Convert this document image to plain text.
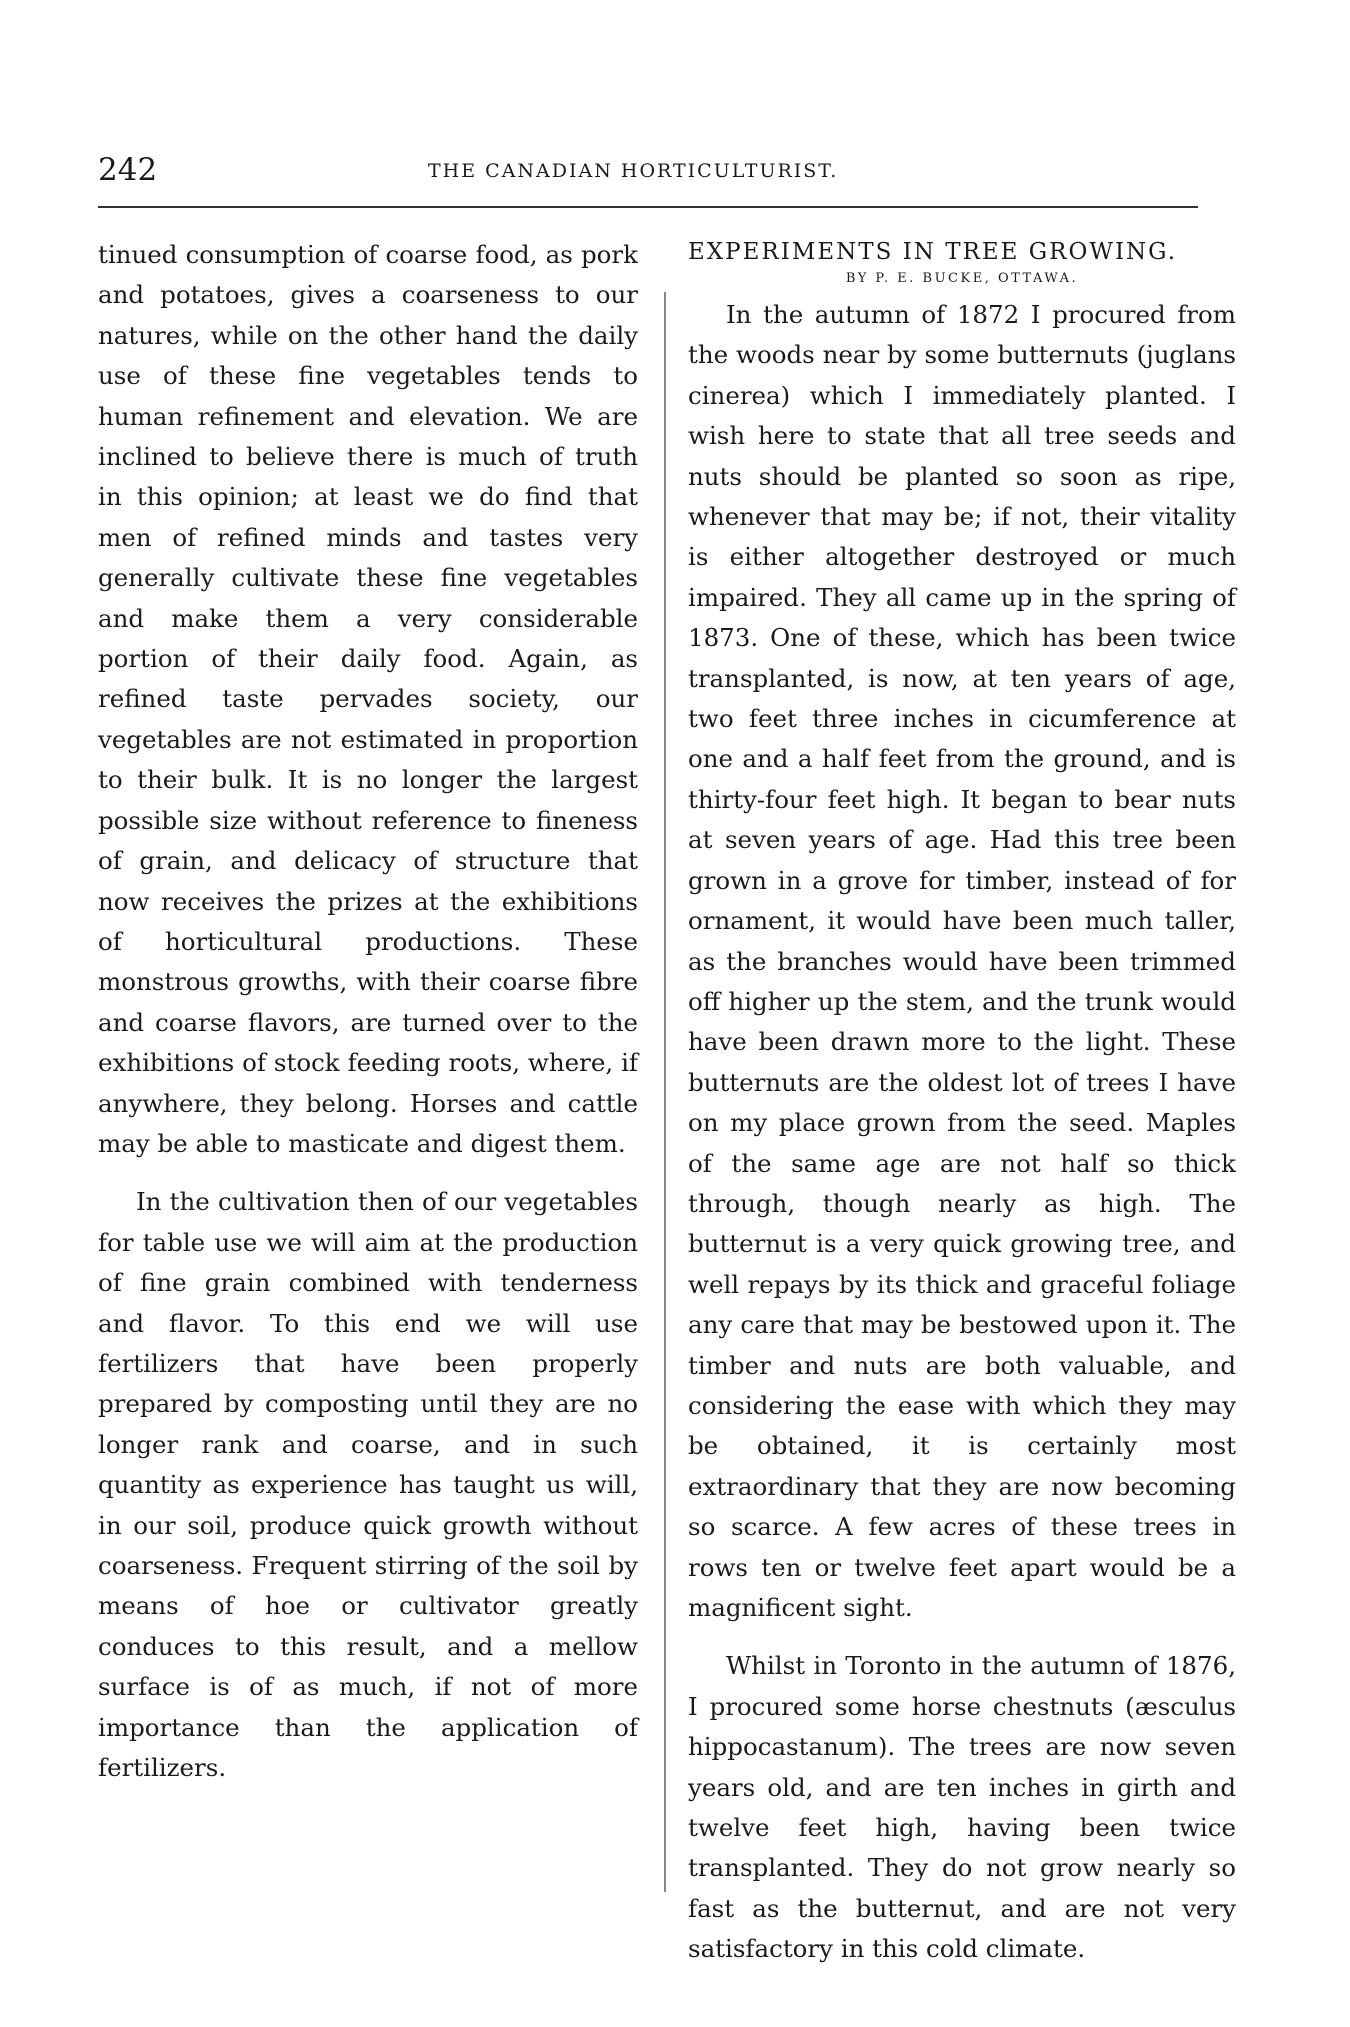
242	THE CANADIAN HORTICULTURIST.

tinued consumption of coarse food, as pork and potatoes, gives a coarseness to our natures, while on the other hand the daily use of these fine vegetables tends to human refinement and elevation. We are inclined to believe there is much of truth in this opinion; at least we do find that men of refined minds and tastes very generally cultivate these fine vegetables and make them a very considerable portion of their daily food. Again, as refined taste pervades society, our vegetables are not estimated in proportion to their bulk. It is no longer the largest possible size without reference to fineness of grain, and delicacy of structure that now receives the prizes at the exhibitions of horticultural productions. These monstrous growths, with their coarse fibre and coarse flavors, are turned over to the exhibitions of stock feeding roots, where, if anywhere, they belong. Horses and cattle may be able to masticate and digest them.

In the cultivation then of our vegetables for table use we will aim at the production of fine grain combined with tenderness and flavor. To this end we will use fertilizers that have been properly prepared by composting until they are no longer rank and coarse, and in such quantity as experience has taught us will, in our soil, produce quick growth without coarseness. Frequent stirring of the soil by means of hoe or cultivator greatly conduces to this result, and a mellow surface is of as much, if not of more importance than the application of fertilizers.

EXPERIMENTS IN TREE GROWING.

BY P. E. BUCKE, OTTAWA.

In the autumn of 1872 I procured from the woods near by some butternuts (juglans cinerea) which I immediately planted. I wish here to state that all tree seeds and nuts should be planted so soon as ripe, whenever that may be; if not, their vitality is either altogether destroyed or much impaired. They all came up in the spring of 1873. One of these, which has been twice transplanted, is now, at ten years of age, two feet three inches in cicumference at one and a half feet from the ground, and is thirty-four feet high. It began to bear nuts at seven years of age. Had this tree been grown in a grove for timber, instead of for ornament, it would have been much taller, as the branches would have been trimmed off higher up the stem, and the trunk would have been drawn more to the light. These butternuts are the oldest lot of trees I have on my place grown from the seed. Maples of the same age are not half so thick through, though nearly as high. The butternut is a very quick growing tree, and well repays by its thick and graceful foliage any care that may be bestowed upon it. The timber and nuts are both valuable, and considering the ease with which they may be obtained, it is certainly most extraordinary that they are now becoming so scarce. A few acres of these trees in rows ten or twelve feet apart would be a magnificent sight.

Whilst in Toronto in the autumn of 1876, I procured some horse chestnuts (æsculus hippocastanum). The trees are now seven years old, and are ten inches in girth and twelve feet high, having been twice transplanted. They do not grow nearly so fast as the butternut, and are not very satisfactory in this cold climate.
